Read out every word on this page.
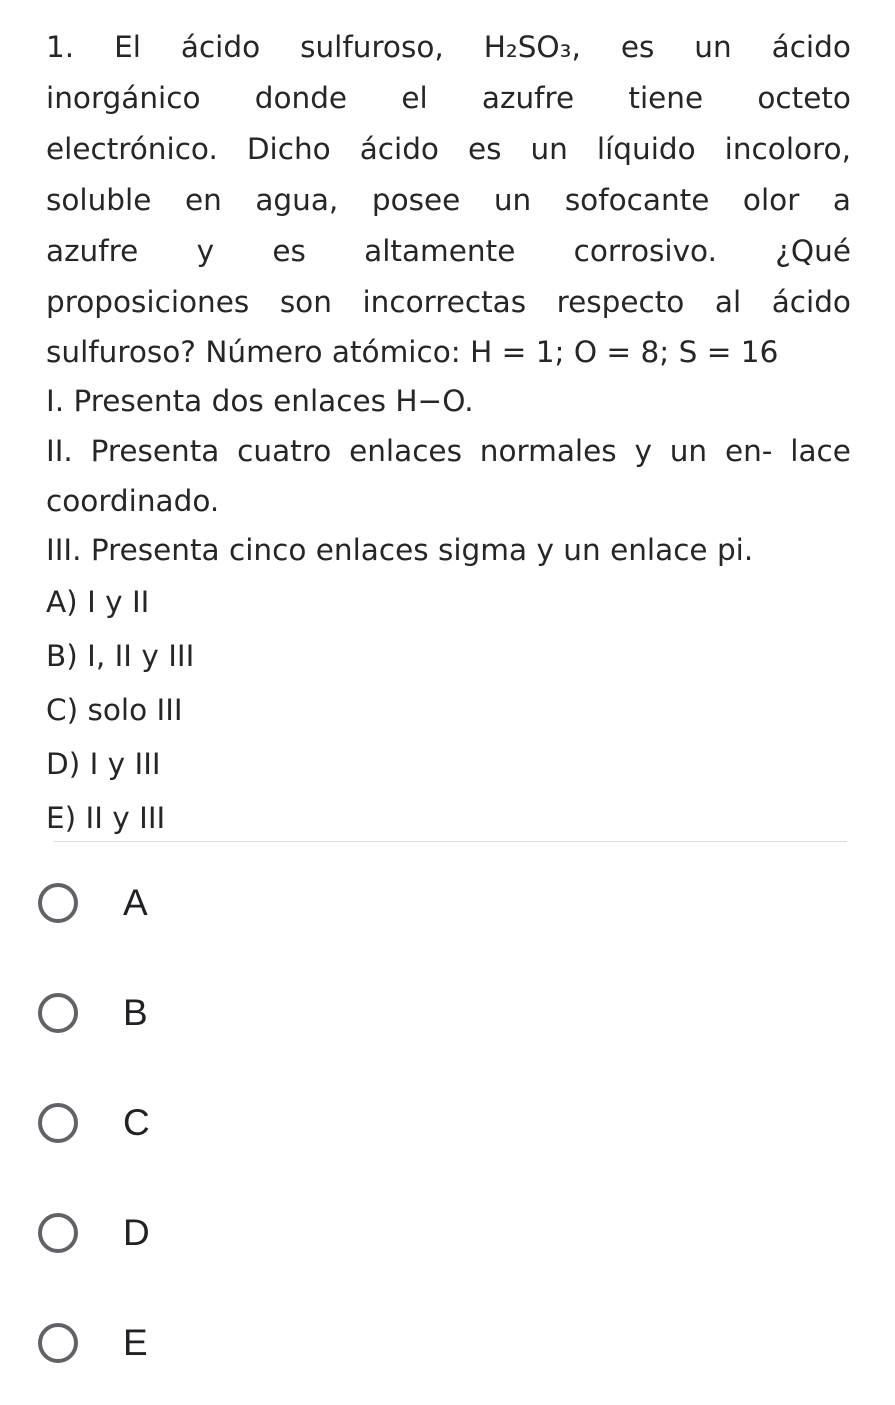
1. El ácido sulfuroso, H₂SO₃, es un ácido
inorgánico donde el azufre tiene octeto
electrónico. Dicho ácido es un líquido incoloro,
soluble en agua, posee un sofocante olor a
azufre y es altamente corrosivo. ¿Qué
proposiciones son incorrectas respecto al ácido
sulfuroso? Número atómico: H = 1; O = 8; S = 16
I. Presenta dos enlaces H−O.
II. Presenta cuatro enlaces normales y un en- lace
coordinado.
III. Presenta cinco enlaces sigma y un enlace pi.
A) I y II
B) I, II y III
C) solo III
D) I y III
E) II y III
A
B
C
D
E
